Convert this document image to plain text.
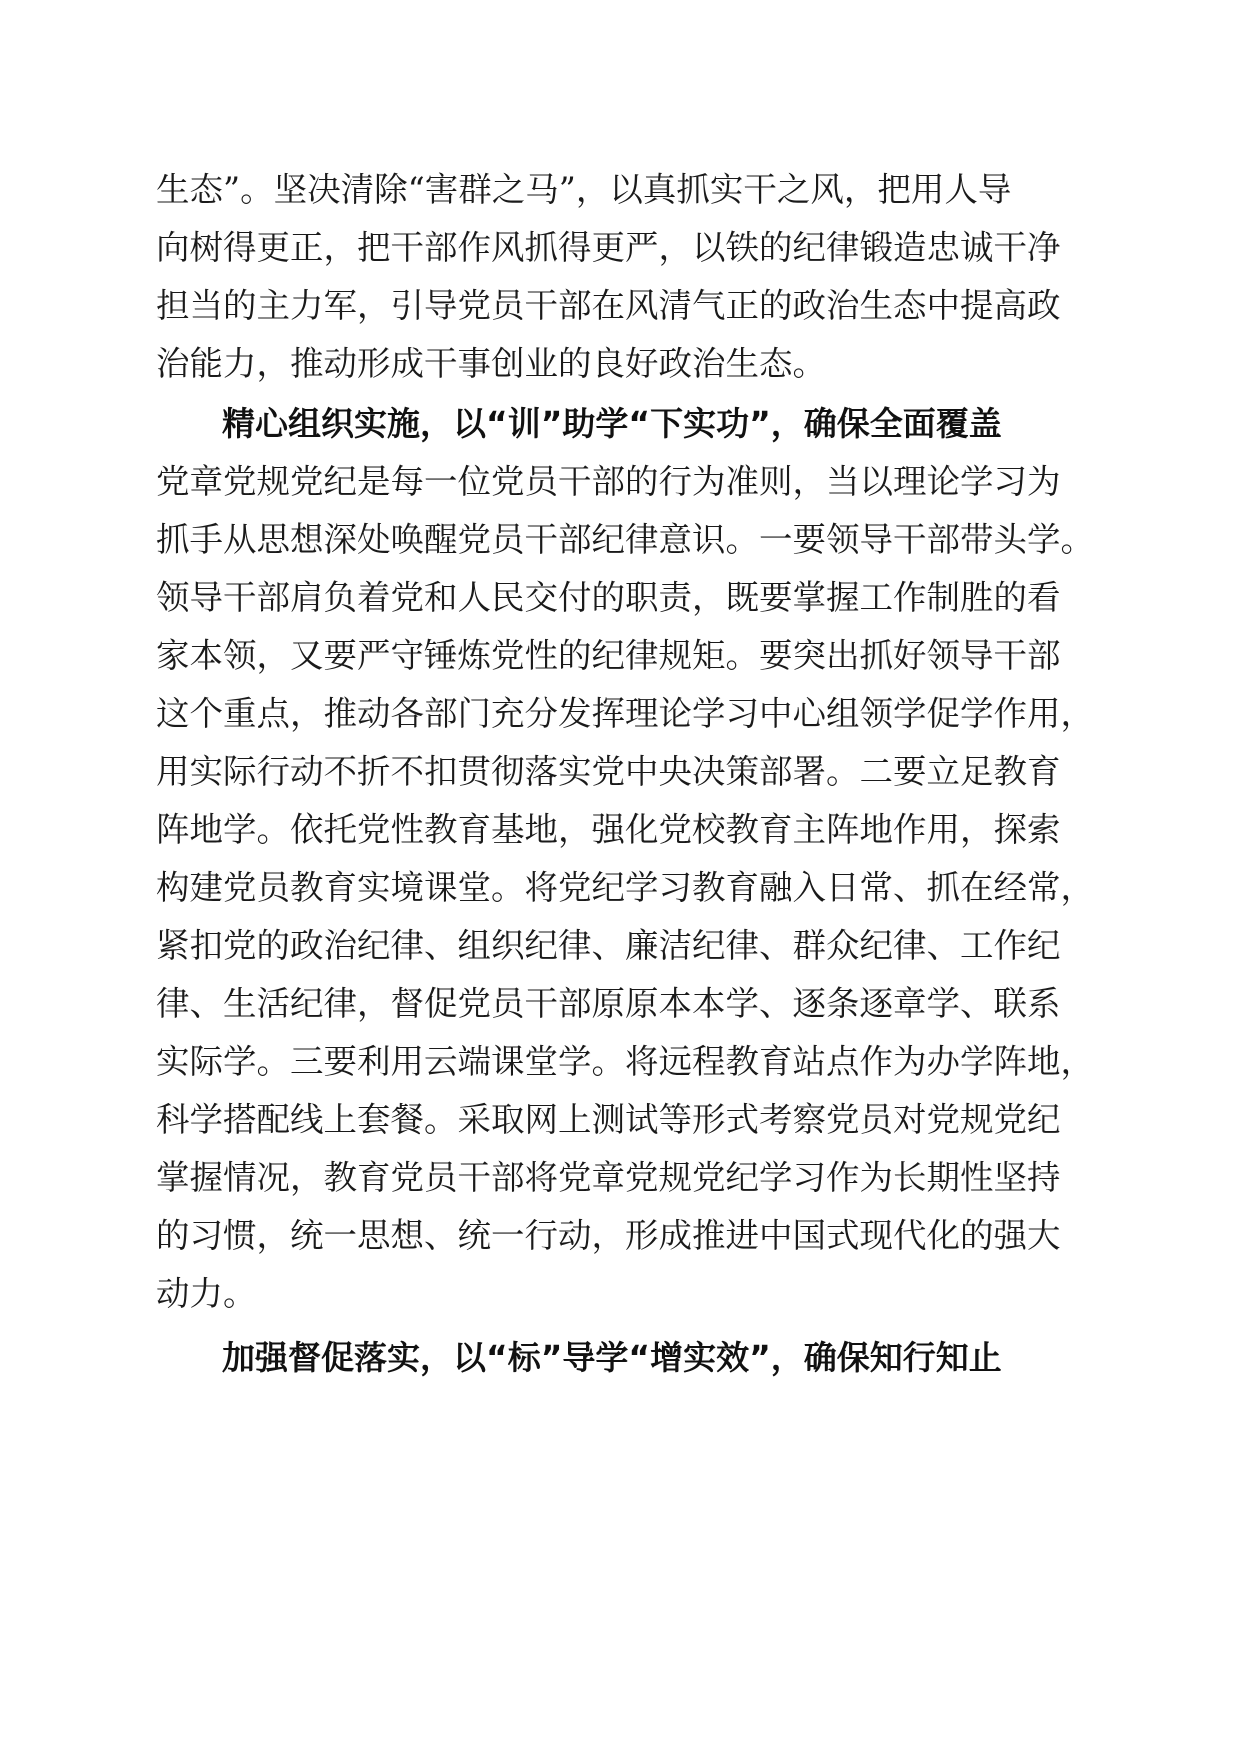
生态”。坚决清除“害群之马”，以真抓实干之风，把用人导

向树得更正，把干部作风抓得更严，以铁的纪律锻造忠诚干净

担当的主力军，引导党员干部在风清气正的政治生态中提高政

治能力，推动形成干事创业的良好政治生态。

精心组织实施，以“训”助学“下实功”，确保全面覆盖

党章党规党纪是每一位党员干部的行为准则，当以理论学习为

抓手从思想深处唤醒党员干部纪律意识。一要领导干部带头学。

领导干部肩负着党和人民交付的职责，既要掌握工作制胜的看

家本领，又要严守锤炼党性的纪律规矩。要突出抓好领导干部

这个重点，推动各部门充分发挥理论学习中心组领学促学作用，

用实际行动不折不扣贯彻落实党中央决策部署。二要立足教育

阵地学。依托党性教育基地，强化党校教育主阵地作用，探索

构建党员教育实境课堂。将党纪学习教育融入日常、抓在经常，

紧扣党的政治纪律、组织纪律、廉洁纪律、群众纪律、工作纪

律、生活纪律，督促党员干部原原本本学、逐条逐章学、联系

实际学。三要利用云端课堂学。将远程教育站点作为办学阵地，

科学搭配线上套餐。采取网上测试等形式考察党员对党规党纪

掌握情况，教育党员干部将党章党规党纪学习作为长期性坚持

的习惯，统一思想、统一行动，形成推进中国式现代化的强大

动力。

加强督促落实，以“标”导学“增实效”，确保知行知止
